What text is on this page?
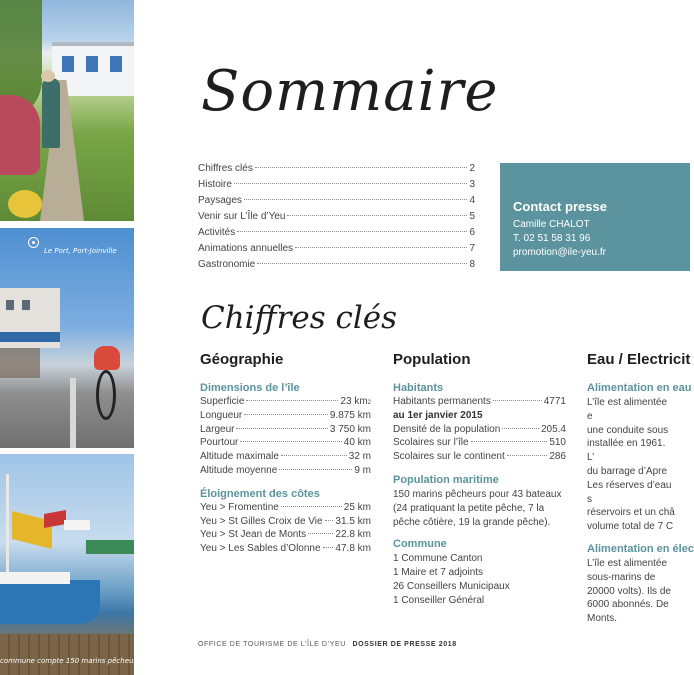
Le Port, Port-Joinville
commune compte 150 marins pêcheurs
Sommaire
Chiffres clés	2
Histoire	3
Paysages	4
Venir sur L’Île d’Yeu	5
Activités	6
Animations annuelles	7
Gastronomie	8
Contact presse
Camille CHALOT
T. 02 51 58 31 96
promotion@ile-yeu.fr
Chiffres clés

Géographie

Dimensions de l’île

Superficie	23 km 2
Longueur	9.875 km
Largeur	3 750 km
Pourtour	40 km
Altitude maximale	32 m
Altitude moyenne	9 m

Éloignement des côtes

Yeu > Fromentine	25 km
Yeu > St Gilles Croix de Vie 31.5 km
Yeu > St Jean de Monts	22.8 km
Yeu > Les Sables d’Olonne 47.8 km

Population

Habitants

Habitants permanents	4771
au 1er janvier 2015
Densité de la population	205.4
Scolaires sur l’île	510
Scolaires sur le continent	286

Population maritime

150 marins pêcheurs pour 43 bateaux

(24 pratiquant la petite pêche, 7 la

pêche côtière, 19 la grande pêche).

Commune

1 Commune Canton

1 Maire et 7 adjoints

26 Conseillers Municipaux

1 Conseiller Général

Eau / Electricit

Alimentation en eau

L’île est alimentée e

une conduite sous

installée en 1961. L’

du barrage d’Apre

Les réserves d’eau s

réservoirs et un châ

volume total de 7 C

Alimentation en élec

L’île est alimentée

sous-marins de

20000 volts). Ils de

6000 abonnés. De

Monts.

OFFICE DE TOURISME DE L’ÎLE D’YEU DOSSIER DE PRESSE 2018
